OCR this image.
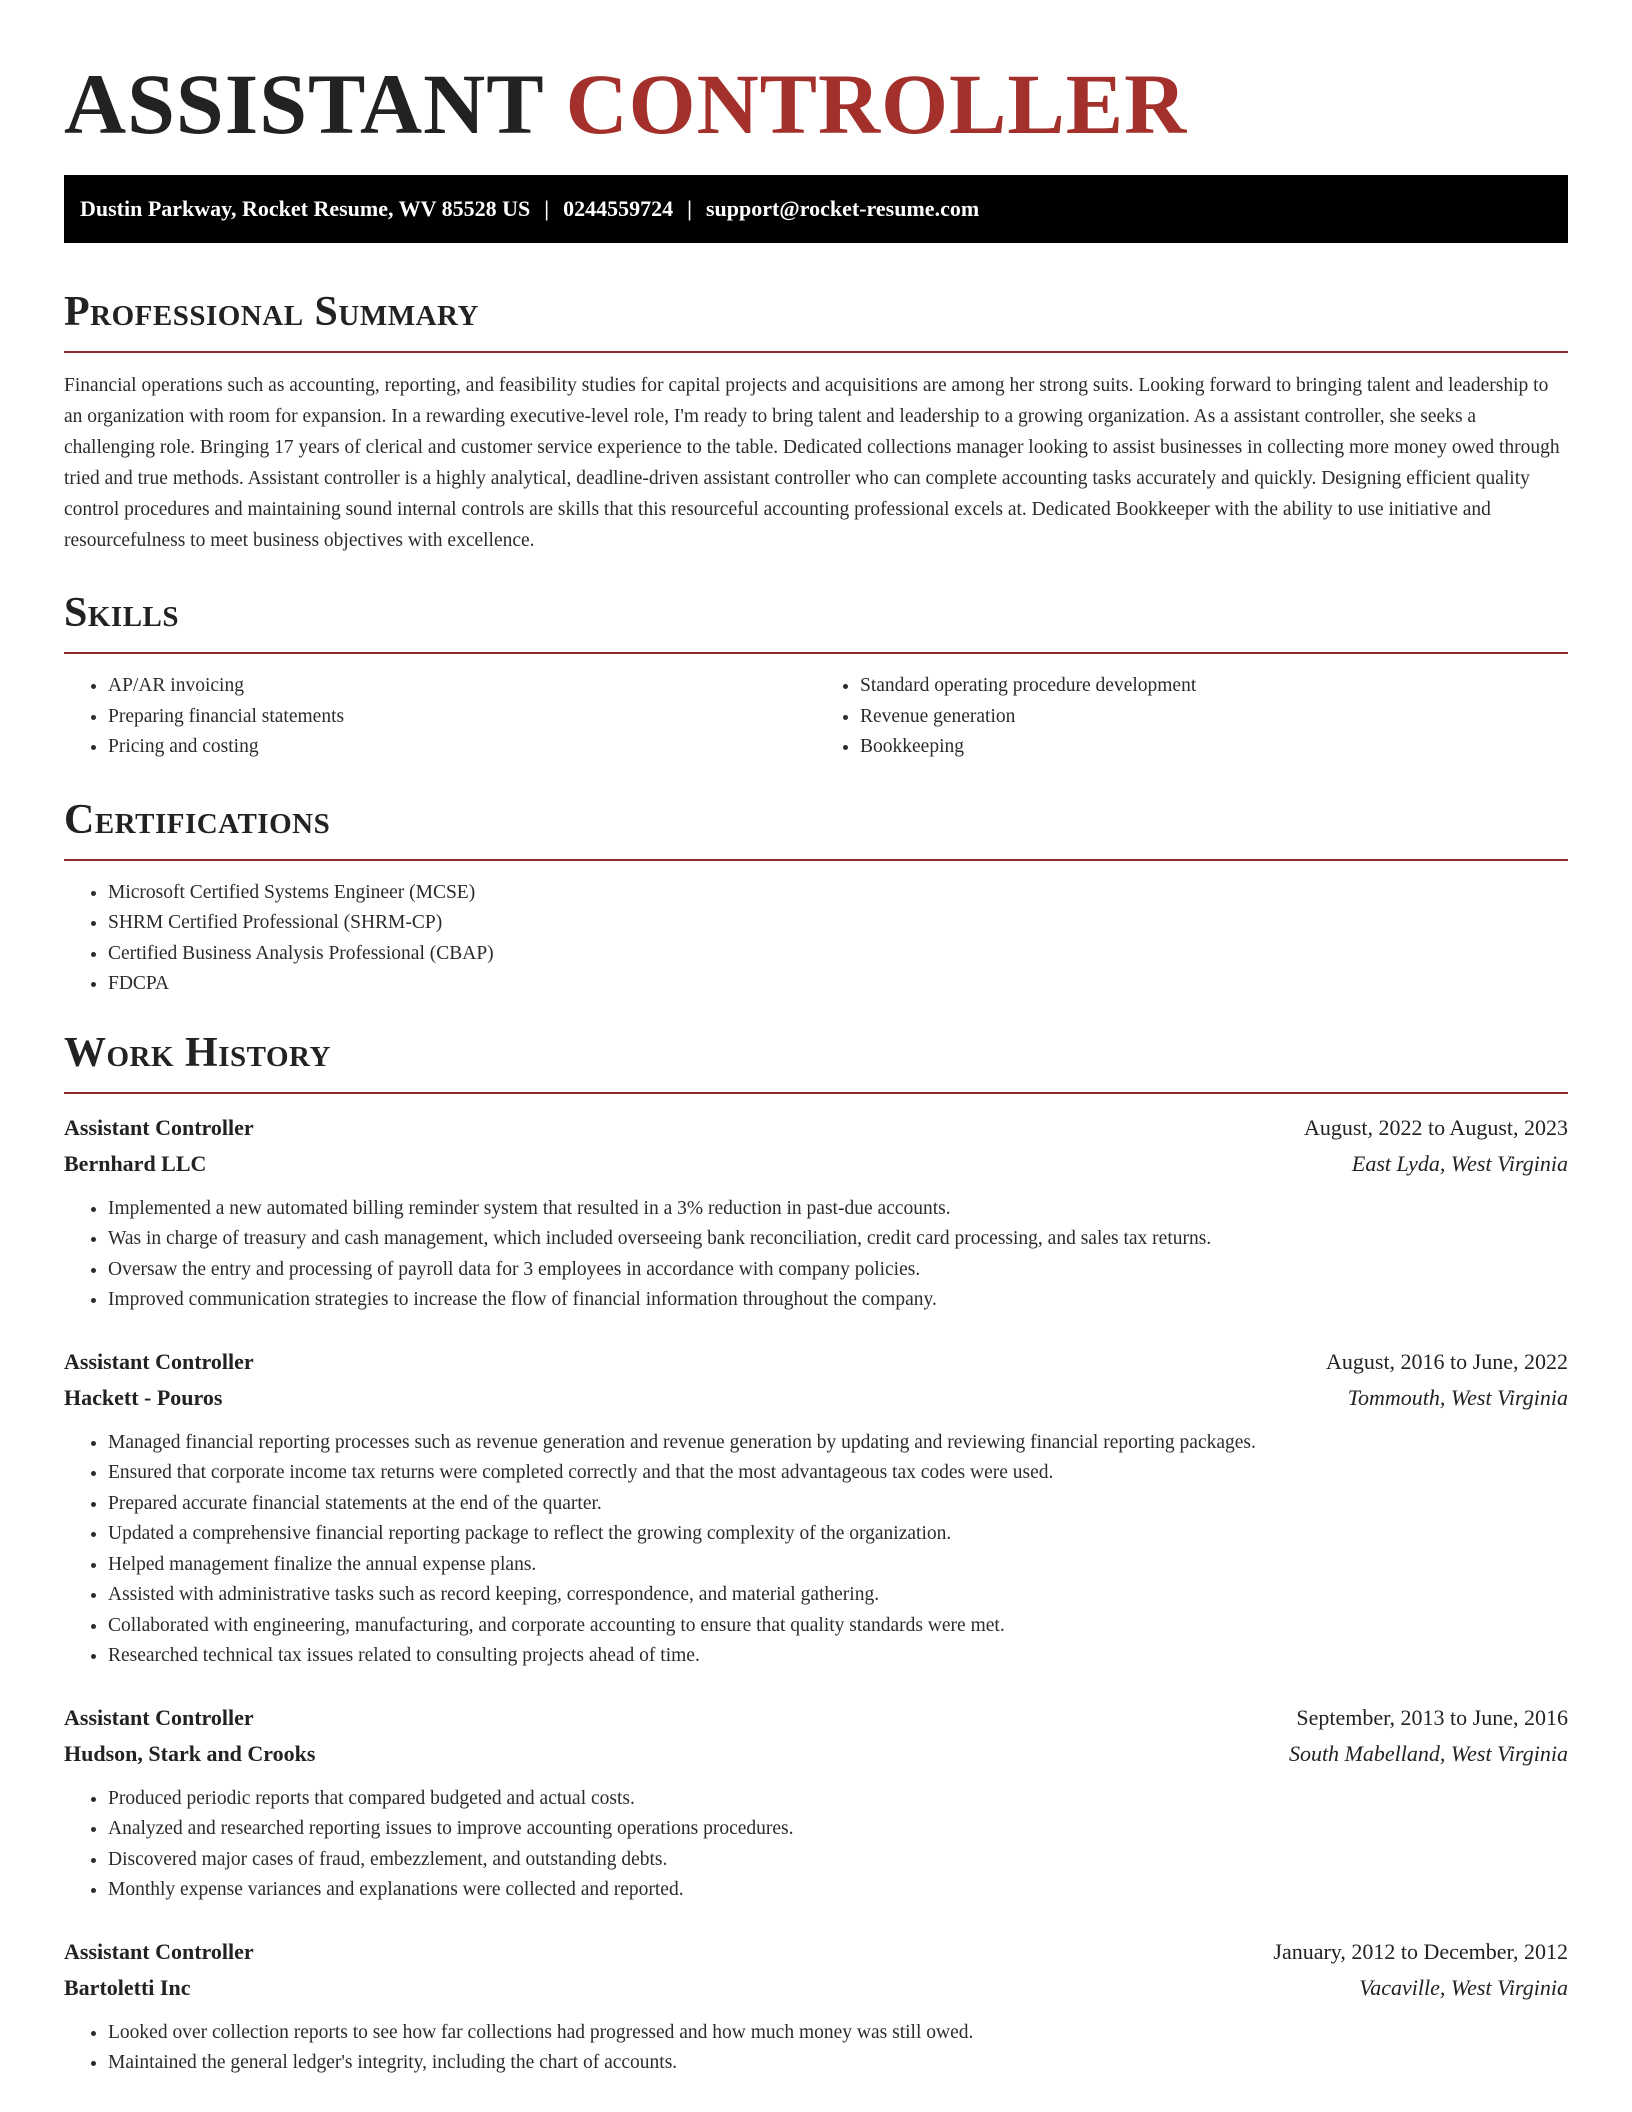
ASSISTANT CONTROLLER
Dustin Parkway, Rocket Resume, WV 85528 US | 0244559724 | support@rocket-resume.com
Professional Summary

Financial operations such as accounting, reporting, and feasibility studies for capital projects and acquisitions are among her strong suits. Looking forward to bringing talent and leadership to an organization with room for expansion. In a rewarding executive-level role, I'm ready to bring talent and leadership to a growing organization. As a assistant controller, she seeks a challenging role. Bringing 17 years of clerical and customer service experience to the table. Dedicated collections manager looking to assist businesses in collecting more money owed through tried and true methods. Assistant controller is a highly analytical, deadline-driven assistant controller who can complete accounting tasks accurately and quickly. Designing efficient quality control procedures and maintaining sound internal controls are skills that this resourceful accounting professional excels at. Dedicated Bookkeeper with the ability to use initiative and resourcefulness to meet business objectives with excellence.

Skills
• AP/AR invoicing
• Preparing financial statements
• Pricing and costing
• Standard operating procedure development
• Revenue generation
• Bookkeeping
Certifications
• Microsoft Certified Systems Engineer (MCSE)
• SHRM Certified Professional (SHRM-CP)
• Certified Business Analysis Professional (CBAP)
• FDCPA
Work History
Assistant Controller	August, 2022 to August, 2023
Bernhard LLC	East Lyda, West Virginia
• Implemented a new automated billing reminder system that resulted in a 3% reduction in past-due accounts.
• Was in charge of treasury and cash management, which included overseeing bank reconciliation, credit card processing, and sales tax returns.
• Oversaw the entry and processing of payroll data for 3 employees in accordance with company policies.
• Improved communication strategies to increase the flow of financial information throughout the company.
Assistant Controller	August, 2016 to June, 2022
Hackett - Pouros	Tommouth, West Virginia
• Managed financial reporting processes such as revenue generation and revenue generation by updating and reviewing financial reporting packages.
• Ensured that corporate income tax returns were completed correctly and that the most advantageous tax codes were used.
• Prepared accurate financial statements at the end of the quarter.
• Updated a comprehensive financial reporting package to reflect the growing complexity of the organization.
• Helped management finalize the annual expense plans.
• Assisted with administrative tasks such as record keeping, correspondence, and material gathering.
• Collaborated with engineering, manufacturing, and corporate accounting to ensure that quality standards were met.
• Researched technical tax issues related to consulting projects ahead of time.
Assistant Controller	September, 2013 to June, 2016
Hudson, Stark and Crooks	South Mabelland, West Virginia
• Produced periodic reports that compared budgeted and actual costs.
• Analyzed and researched reporting issues to improve accounting operations procedures.
• Discovered major cases of fraud, embezzlement, and outstanding debts.
• Monthly expense variances and explanations were collected and reported.
Assistant Controller	January, 2012 to December, 2012
Bartoletti Inc	Vacaville, West Virginia
• Looked over collection reports to see how far collections had progressed and how much money was still owed.
• Maintained the general ledger's integrity, including the chart of accounts.
